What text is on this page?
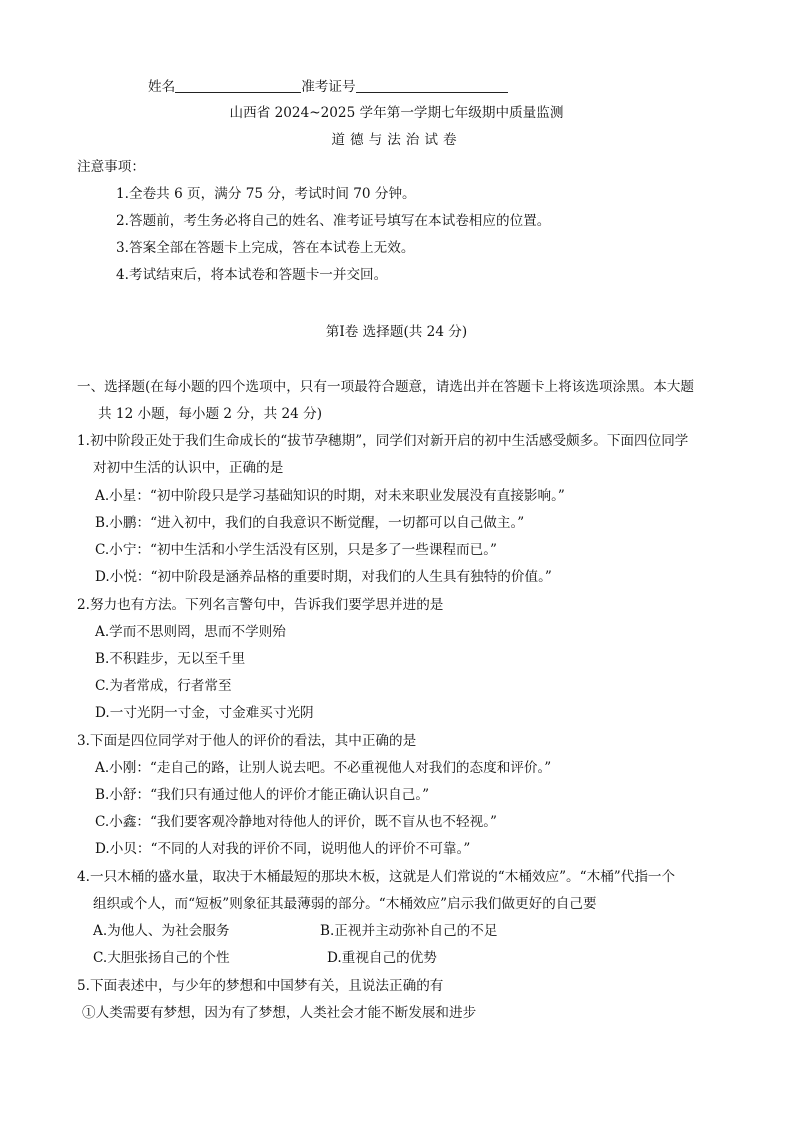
姓名	准考证号
山西省 2024~2025 学年第一学期七年级期中质量监测
道德与法治试卷
注意事项：
1.全卷共 6 页，满分 75 分，考试时间 70 分钟。
2.答题前，考生务必将自己的姓名、准考证号填写在本试卷相应的位置。
3.答案全部在答题卡上完成，答在本试卷上无效。
4.考试结束后，将本试卷和答题卡一并交回。
第Ⅰ卷 选择题(共 24 分)
一、选择题(在每小题的四个选项中，只有一项最符合题意，请选出并在答题卡上将该选项涂黑。本大题
共 12 小题，每小题 2 分，共 24 分)
1.初中阶段正处于我们生命成长的“拔节孕穗期”，同学们对新开启的初中生活感受颇多。下面四位同学
对初中生活的认识中，正确的是
A.小星：“初中阶段只是学习基础知识的时期，对未来职业发展没有直接影响。”
B.小鹏：“进入初中，我们的自我意识不断觉醒，一切都可以自己做主。”
C.小宁：“初中生活和小学生活没有区别，只是多了一些课程而已。”
D.小悦：“初中阶段是涵养品格的重要时期，对我们的人生具有独特的价值。”
2.努力也有方法。下列名言警句中，告诉我们要学思并进的是
A.学而不思则罔，思而不学则殆
B.不积跬步，无以至千里
C.为者常成，行者常至
D.一寸光阴一寸金，寸金难买寸光阴
3.下面是四位同学对于他人的评价的看法，其中正确的是
A.小刚：“走自己的路，让别人说去吧。不必重视他人对我们的态度和评价。”
B.小舒：“我们只有通过他人的评价才能正确认识自己。”
C.小鑫：“我们要客观冷静地对待他人的评价，既不盲从也不轻视。”
D.小贝：“不同的人对我的评价不同，说明他人的评价不可靠。”
4.一只木桶的盛水量，取决于木桶最短的那块木板，这就是人们常说的“木桶效应”。“木桶”代指一个
组织或个人，而“短板”则象征其最薄弱的部分。“木桶效应”启示我们做更好的自己要
A.为他人、为社会服务	B.正视并主动弥补自己的不足
C.大胆张扬自己的个性	D.重视自己的优势
5.下面表述中，与少年的梦想和中国梦有关，且说法正确的有
①人类需要有梦想，因为有了梦想，人类社会才能不断发展和进步
